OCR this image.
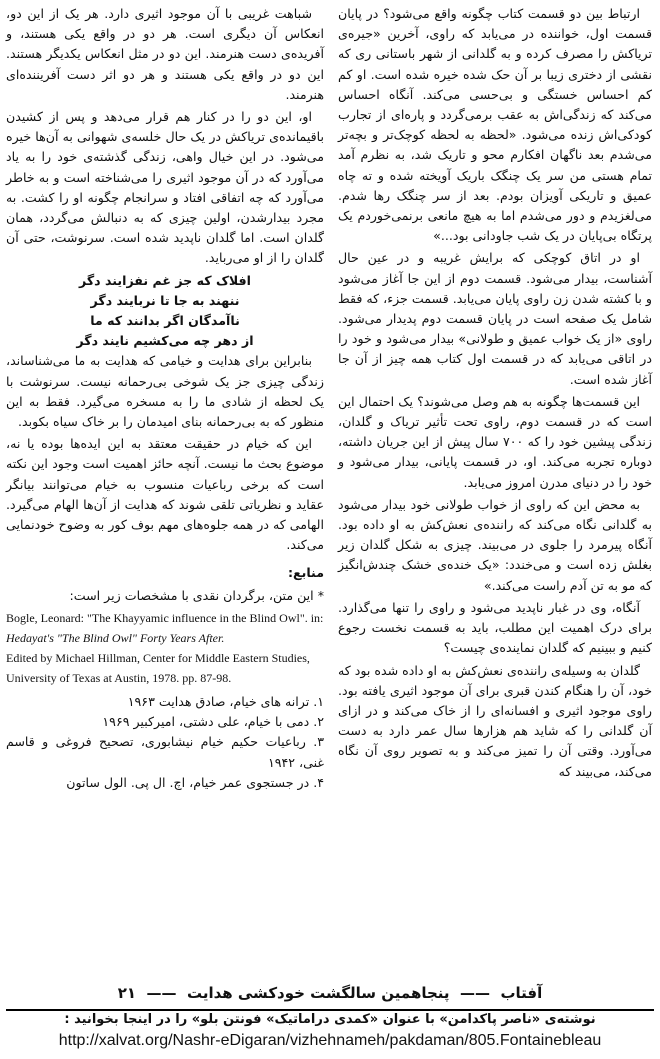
ارتباط بین دو قسمت کتاب چگونه واقع می‌شود؟ در پایان قسمت اول، خواننده در می‌یابد که راوی، آخرین «جیره‌ی تریاکش را مصرف کرده و به گلدانی از شهر باستانی ری که نقشی از دختری زیبا بر آن حک شده خیره شده است. او کم کم احساس خستگی و بی‌حسی می‌کند. آنگاه احساس می‌کند که زندگی‌اش به عقب برمی‌گردد و پاره‌ای از تجارب کودکی‌اش زنده می‌شود. «لحظه به لحظه کوچک‌تر و بچه‌تر می‌شدم بعد ناگهان افکارم محو و تاریک شد، به نظرم آمد تمام هستی من سر یک چنگک باریک آویخته شده و ته چاه عمیق و تاریکی آویزان بودم. بعد از سر چنگک رها شدم. می‌لغزیدم و دور می‌شدم اما به هیچ مانعی برنمی‌خوردم یک پرتگاه بی‌پایان در یک شب جاودانی بود...»

او در اتاق کوچکی که برایش غریبه و در عین حال آشناست، بیدار می‌شود. قسمت دوم از این جا آغاز می‌شود و با کشته شدن زن راوی پایان می‌یابد. قسمت جزء، که فقط شامل یک صفحه است در پایان قسمت دوم پدیدار می‌شود. راوی «از یک خواب عمیق و طولانی» بیدار می‌شود و خود را در اتاقی می‌یابد که در قسمت اول کتاب همه چیز از آن جا آغاز شده است.

این قسمت‌ها چگونه به هم وصل می‌شوند؟ یک احتمال این است که در قسمت دوم، راوی تحت تأثیر تریاک و گلدان، زندگی پیشین خود را که ۷۰۰ سال پیش از این جریان داشته، دوباره تجربه می‌کند. او، در قسمت پایانی، بیدار می‌شود و خود را در دنیای مدرن امروز می‌یابد.

به محض این که راوی از خواب طولانی خود بیدار می‌شود به گلدانی نگاه می‌کند که راننده‌ی نعش‌کش به او داده بود. آنگاه پیرمرد را جلوی در می‌بیند. چیزی به شکل گلدان زیر بغلش زده است و می‌خندد: «یک خنده‌ی خشک چندش‌انگیز که مو به تن آدم راست می‌کند.»

آنگاه، وی در غبار ناپدید می‌شود و راوی را تنها می‌گذارد. برای درک اهمیت این مطلب، باید به قسمت نخست رجوع کنیم و ببینیم که گلدان نماینده‌ی چیست؟

گلدان به وسیله‌ی راننده‌ی نعش‌کش به او داده شده بود که خود، آن را هنگام کندن قبری برای آن موجود اثیری یافته بود. راوی موجود اثیری و افسانه‌ای را از خاک می‌کند و در ازای آن گلدانی را که شاید هم هزارها سال عمر دارد به دست می‌آورد. وقتی آن را تمیز می‌کند و به تصویر روی آن نگاه می‌کند، می‌بیند که

شباهت غریبی با آن موجود اثیری دارد. هر یک از این دو، انعکاس آن دیگری است. هر دو در واقع یکی هستند، و آفریده‌ی دست هنرمند. این دو در مثل انعکاس یکدیگر هستند. این دو در واقع یکی هستند و هر دو اثر دست آفریننده‌ای هنرمند.

او، این دو را در کنار هم قرار می‌دهد و پس از کشیدن باقیمانده‌ی تریاکش در یک حال خلسه‌ی شهوانی به آن‌ها خیره می‌شود. در این خیال واهی، زندگی گذشته‌ی خود را به یاد می‌آورد که در آن موجود اثیری را می‌شناخته است و به خاطر می‌آورد که چه اتفاقی افتاد و سرانجام چگونه او را کشت. به مجرد بیدارشدن، اولین چیزی که به دنبالش می‌گردد، همان گلدان است. اما گلدان ناپدید شده است. سرنوشت، حتی آن گلدان را از او می‌رباید.

افلاک که جز غم نفزایند دگر

ننهند به جا تا نربایند دگر

ناآمدگان اگر بدانند که ما

از دهر چه می‌کشیم نایند دگر

بنابراین برای هدایت و خیامی که هدایت به ما می‌شناساند، زندگی چیزی جز یک شوخی بی‌رحمانه نیست. سرنوشت با یک لحظه از شادی ما را به مسخره می‌گیرد. فقط به این منظور که به بی‌رحمانه بنای امیدمان را بر خاک سیاه بکوبد.

این که خیام در حقیقت معتقد به این ایده‌ها بوده یا نه، موضوع بحث ما نیست. آنچه حائز اهمیت است وجود این نکته است که برخی رباعیات منسوب به خیام می‌توانند بیانگر عقاید و نظریاتی تلقی شوند که هدایت از آن‌ها الهام می‌گیرد. الهامی که در همه جلوه‌های مهم بوف کور به وضوح خودنمایی می‌کند.

منابع:

* این متن، برگردان نقدی با مشخصات زیر است:

Bogle, Leonard: "The Khayyamic influence in the Blind Owl". in:

Hedayat's "The Blind Owl" Forty Years After.

Edited by Michael Hillman, Center for Middle Eastern Studies, University of Texas at Austin, 1978. pp. 87-98.

۱. ترانه های خیام، صادق هدایت ۱۹۶۳
۲. دمی با خیام، علی دشتی، امیرکبیر ۱۹۶۹
۳. رباعیات حکیم خیام نیشابوری، تصحیح فروغی و قاسم غنی، ۱۹۴۲
۴. در جستجوی عمر خیام، اچ. ال پی. الول ساتون
آفتاب  ——  پنجاهمین سالگشت خودکشی هدایت  ——  ۲۱
نوشته‌ی «ناصر پاکدامن» با عنوان «کمدی دراماتیک» فونتن بلو» را در اینجا بخوانید :
http://xalvat.org/Nashr-eDigaran/vizhehnameh/pakdaman/805.Fontainebleau
